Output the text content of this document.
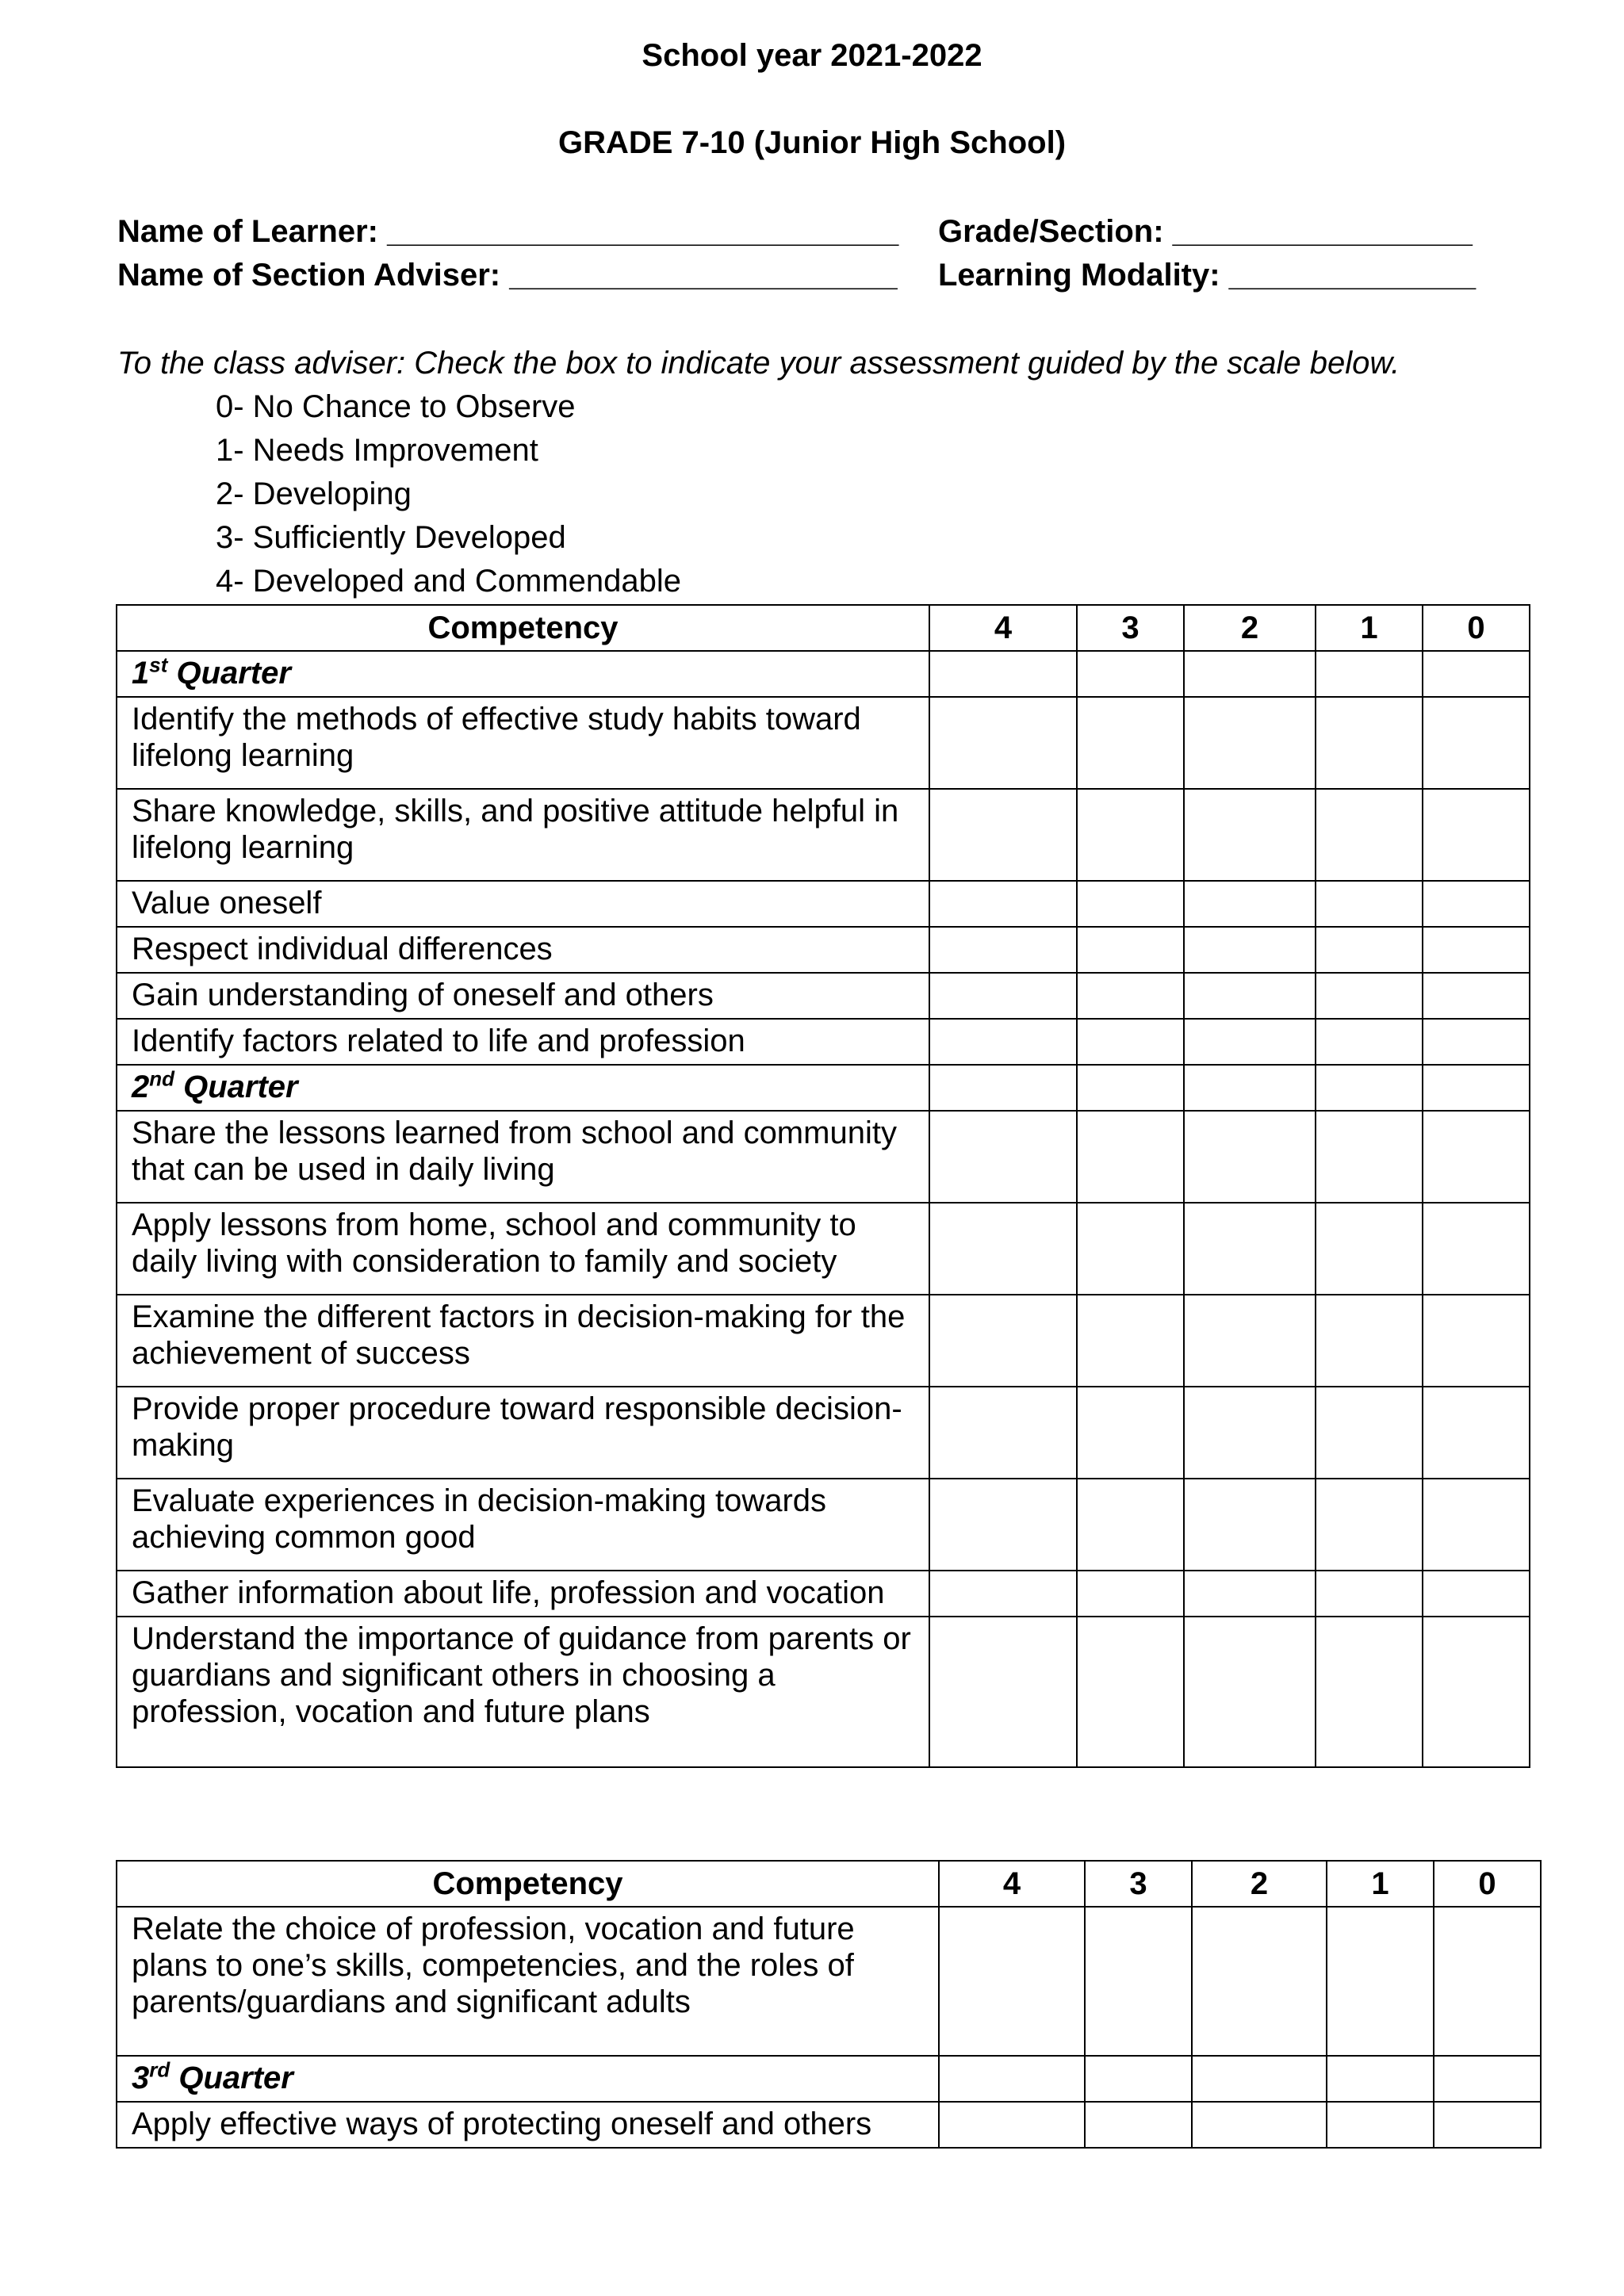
School year 2021-2022
GRADE 7-10 (Junior High School)
Name of Learner: _____________________________ Grade/Section: _________________
Name of Section Adviser: ______________________ Learning Modality: ______________
To the class adviser: Check the box to indicate your assessment guided by the scale below.
0- No Chance to Observe
1- Needs Improvement
2- Developing
3- Sufficiently Developed
4- Developed and Commendable
Competency	4	3	2	1	0
1st Quarter					
Identify the methods of effective study habits toward lifelong learning					
Share knowledge, skills, and positive attitude helpful in lifelong learning					
Value oneself					
Respect individual differences					
Gain understanding of oneself and others					
Identify factors related to life and profession					
2nd Quarter					
Share the lessons learned from school and community that can be used in daily living					
Apply lessons from home, school and community to daily living with consideration to family and society					
Examine the different factors in decision-making for the achievement of success					
Provide proper procedure toward responsible decision- making					
Evaluate experiences in decision-making towards achieving common good					
Gather information about life, profession and vocation					
Understand the importance of guidance from parents or guardians and significant others in choosing a profession, vocation and future plans					
Competency	4	3	2	1	0
Relate the choice of profession, vocation and future plans to one’s skills, competencies, and the roles of parents/guardians and significant adults					
3rd Quarter					
Apply effective ways of protecting oneself and others					
